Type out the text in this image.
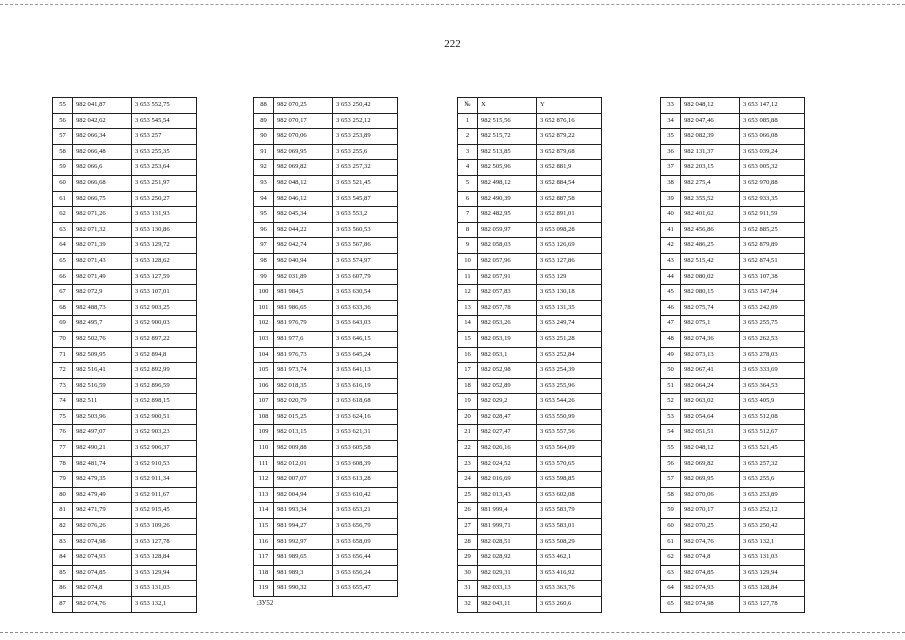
222
55	982 041,87	3 653 552,75
56	982 042,62	3 653 545,54
57	982 066,34	3 653 257
58	982 066,48	3 653 255,35
59	982 066,6	3 653 253,64
60	982 066,68	3 653 251,97
61	982 066,75	3 653 250,27
62	982 071,26	3 653 131,93
63	982 071,32	3 653 130,86
64	982 071,39	3 653 129,72
65	982 071,43	3 653 128,62
66	982 071,49	3 653 127,59
67	982 072,9	3 653 107,01
68	982 488,73	3 652 903,25
69	982 495,7	3 652 900,03
70	982 502,76	3 652 897,22
71	982 509,95	3 652 894,8
72	982 516,41	3 652 892,99
73	982 516,59	3 652 896,59
74	982 511	3 652 898,15
75	982 503,96	3 652 900,51
76	982 497,07	3 652 903,23
77	982 490,21	3 652 906,37
78	982 481,74	3 652 910,53
79	982 479,35	3 652 911,34
80	982 479,49	3 652 911,67
81	982 471,79	3 652 915,45
82	982 076,26	3 653 109,26
83	982 074,98	3 653 127,78
84	982 074,93	3 653 128,84
85	982 074,85	3 653 129,94
86	982 074,8	3 653 131,03
87	982 074,76	3 653 132,1
88	982 070,25	3 653 250,42
89	982 070,17	3 653 252,12
90	982 070,06	3 653 253,89
91	982 069,95	3 653 255,6
92	982 069,82	3 653 257,32
93	982 048,12	3 653 521,45
94	982 046,12	3 653 545,87
95	982 045,34	3 653 553,2
96	982 044,22	3 653 560,53
97	982 042,74	3 653 567,86
98	982 040,94	3 653 574,97
99	982 031,89	3 653 607,79
100	981 984,5	3 653 630,54
101	981 986,65	3 653 633,36
102	981 976,79	3 653 643,03
103	981 977,6	3 653 646,15
104	981 976,73	3 653 645,24
105	981 973,74	3 653 641,13
106	982 018,35	3 653 616,19
107	982 020,79	3 653 618,68
108	982 015,25	3 653 624,16
109	982 013,15	3 653 621,31
110	982 009,88	3 653 605,58
111	982 012,01	3 653 608,39
112	982 007,07	3 653 613,28
113	982 004,94	3 653 610,42
114	981 993,34	3 653 653,21
115	981 994,27	3 653 656,79
116	981 992,97	3 653 658,09
117	981 989,65	3 653 656,44
118	981 989,3	3 653 656,24
119	981 990,32	3 653 655,47
:ЗУ52		
№	X	Y
1	982 515,56	3 652 876,16
2	982 515,72	3 652 879,22
3	982 513,85	3 652 879,68
4	982 505,96	3 652 881,9
5	982 498,12	3 652 884,54
6	982 490,39	3 652 887,58
7	982 482,95	3 652 891,01
8	982 059,97	3 653 098,28
9	982 058,03	3 653 126,69
10	982 057,96	3 653 127,86
11	982 057,91	3 653 129
12	982 057,83	3 653 130,18
13	982 057,78	3 653 131,35
14	982 053,26	3 653 249,74
15	982 053,19	3 653 251,28
16	982 053,1	3 653 252,84
17	982 052,98	3 653 254,39
18	982 052,89	3 653 255,96
19	982 029,2	3 653 544,26
20	982 028,47	3 653 550,99
21	982 027,47	3 653 557,56
22	982 026,16	3 653 564,09
23	982 024,52	3 653 570,65
24	982 016,69	3 653 598,85
25	982 013,43	3 653 602,08
26	981 999,4	3 653 583,79
27	981 999,71	3 653 583,01
28	982 028,51	3 653 508,29
29	982 028,92	3 653 462,1
30	982 029,31	3 653 416,92
31	982 033,13	3 653 363,76
32	982 043,11	3 653 260,6
33	982 048,12	3 653 147,12
34	982 047,46	3 653 085,88
35	982 082,39	3 653 066,08
36	982 131,37	3 653 039,24
37	982 203,15	3 653 005,32
38	982 275,4	3 652 970,88
39	982 355,52	3 652 933,35
40	982 401,62	3 652 911,59
41	982 456,86	3 652 885,25
42	982 486,25	3 652 879,89
43	982 515,42	3 652 874,51
44	982 080,02	3 653 107,38
45	982 080,15	3 653 147,94
46	982 075,74	3 653 242,09
47	982 075,1	3 653 255,75
48	982 074,36	3 653 262,53
49	982 073,13	3 653 278,03
50	982 067,41	3 653 333,69
51	982 064,24	3 653 364,53
52	982 063,02	3 653 405,9
53	982 054,64	3 653 512,08
54	982 051,51	3 653 512,67
55	982 048,12	3 653 521,45
56	982 069,82	3 653 257,32
57	982 069,95	3 653 255,6
58	982 070,06	3 653 253,89
59	982 070,17	3 653 252,12
60	982 070,25	3 653 250,42
61	982 074,76	3 653 132,1
62	982 074,8	3 653 131,03
63	982 074,85	3 653 129,94
64	982 074,93	3 653 128,84
65	982 074,98	3 653 127,78
